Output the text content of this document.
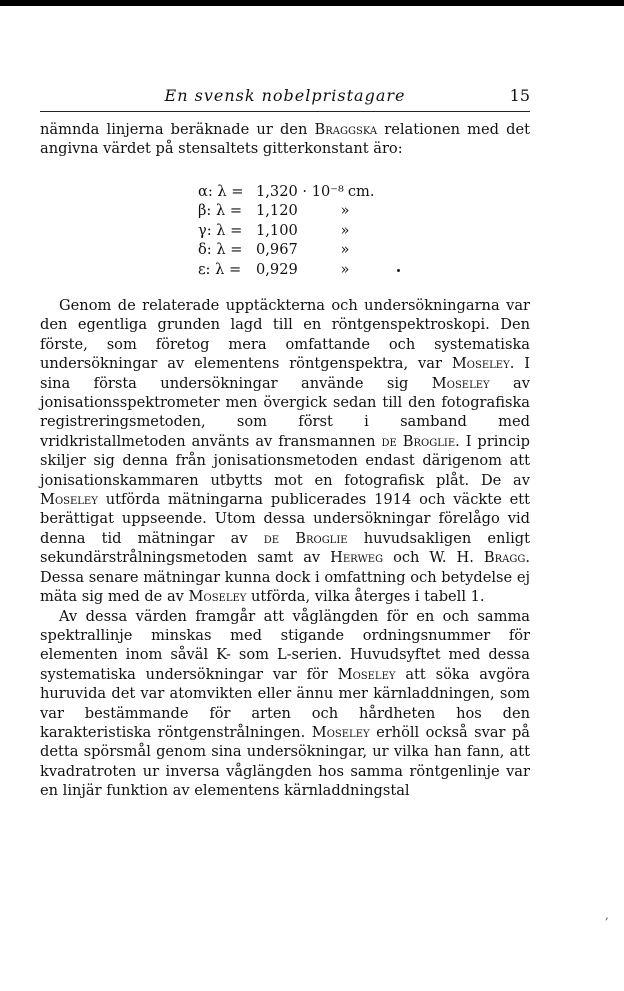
En svensk nobelpristagare	15

nämnda linjerna beräknade ur den Braggska relationen med det angivna värdet på stensaltets gitterkonstant äro:

α: λ = 1,320 · 10⁻⁸ cm.
β: λ = 1,120	»
γ: λ = 1,100	»
δ: λ = 0,967	»
ε: λ = 0,929	»

Genom de relaterade upptäckterna och undersökningarna var den egentliga grunden lagd till en röntgenspektroskopi. Den förste, som företog mera omfattande och systematiska undersökningar av elementens röntgenspektra, var Moseley. I sina första undersökningar använde sig Moseley av jonisationsspektrometer men övergick sedan till den fotografiska registreringsmetoden, som först i samband med vridkristallmetoden använts av fransmannen de Broglie. I princip skiljer sig denna från jonisationsmetoden endast därigenom att jonisationskammaren utbytts mot en fotografisk plåt. De av Moseley utförda mätningarna publicerades 1914 och väckte ett berättigat uppseende. Utom dessa undersökningar förelågo vid denna tid mätningar av de Broglie huvudsakligen enligt sekundärstrålningsmetoden samt av Herweg och W. H. Bragg. Dessa senare mätningar kunna dock i omfattning och betydelse ej mäta sig med de av Moseley utförda, vilka återges i tabell 1.

Av dessa värden framgår att våglängden för en och samma spektrallinje minskas med stigande ordningsnummer för elementen inom såväl K- som L-serien. Huvudsyftet med dessa systematiska undersökningar var för Moseley att söka avgöra huruvida det var atomvikten eller ännu mer kärnladdningen, som var bestämmande för arten och hårdheten hos den karakteristiska röntgenstrålningen. Moseley erhöll också svar på detta spörsmål genom sina undersökningar, ur vilka han fann, att kvadratroten ur inversa våglängden hos samma röntgenlinje var en linjär funktion av elementens kärnladdningstal

,
